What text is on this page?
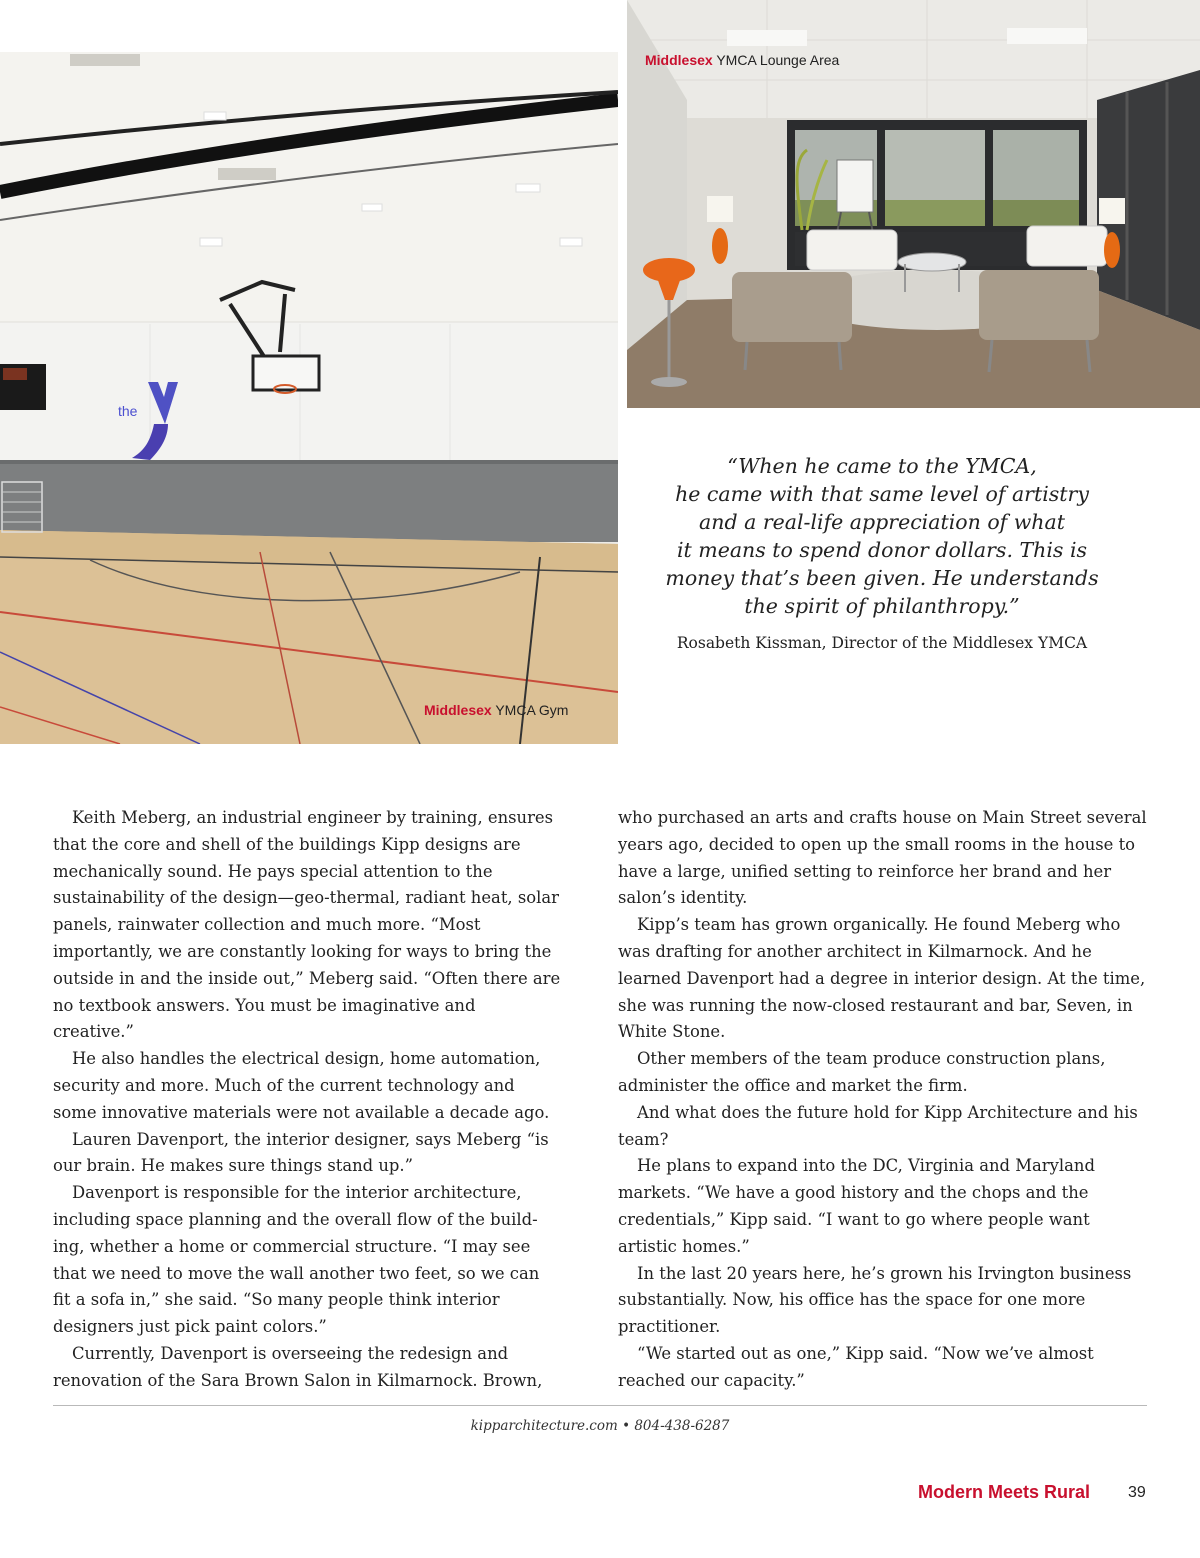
the
Middlesex YMCA Gym
Middlesex YMCA Lounge Area

“When he came to the YMCA,
he came with that same level of artistry
and a real-life appreciation of what
it means to spend donor dollars. This is
money that’s been given. He understands
the spirit of philanthropy.”

Rosabeth Kissman, Director of the Middlesex YMCA

Keith Meberg, an industrial engineer by training, ensures that the core and shell of the buildings Kipp designs are mechanically sound. He pays special attention to the sustainability of the design—geo-thermal, radiant heat, solar panels, rainwater collection and much more. “Most importantly, we are constantly looking for ways to bring the outside in and the inside out,” Meberg said. “Often there are no textbook answers. You must be imaginative and creative.”

He also handles the electrical design, home automation, security and more. Much of the current technology and some innovative materials were not available a decade ago.

Lauren Davenport, the interior designer, says Meberg “is our brain. He makes sure things stand up.”

Davenport is responsible for the interior architecture, including space planning and the overall flow of the build-ing, whether a home or commercial structure. “I may see that we need to move the wall another two feet, so we can fit a sofa in,” she said. “So many people think interior designers just pick paint colors.”

Currently, Davenport is overseeing the redesign and renovation of the Sara Brown Salon in Kilmarnock. Brown,

who purchased an arts and crafts house on Main Street several years ago, decided to open up the small rooms in the house to have a large, unified setting to reinforce her brand and her salon’s identity.

Kipp’s team has grown organically. He found Meberg who was drafting for another architect in Kilmarnock. And he learned Davenport had a degree in interior design. At the time, she was running the now-closed restaurant and bar, Seven, in White Stone.

Other members of the team produce construction plans, administer the office and market the firm.

And what does the future hold for Kipp Architecture and his team?

He plans to expand into the DC, Virginia and Maryland markets. “We have a good history and the chops and the credentials,” Kipp said. “I want to go where people want artistic homes.”

In the last 20 years here, he’s grown his Irvington business substantially. Now, his office has the space for one more practitioner.

“We started out as one,” Kipp said. “Now we’ve almost reached our capacity.”

kipparchitecture.com • 804-438-6287
Modern Meets Rural 39
